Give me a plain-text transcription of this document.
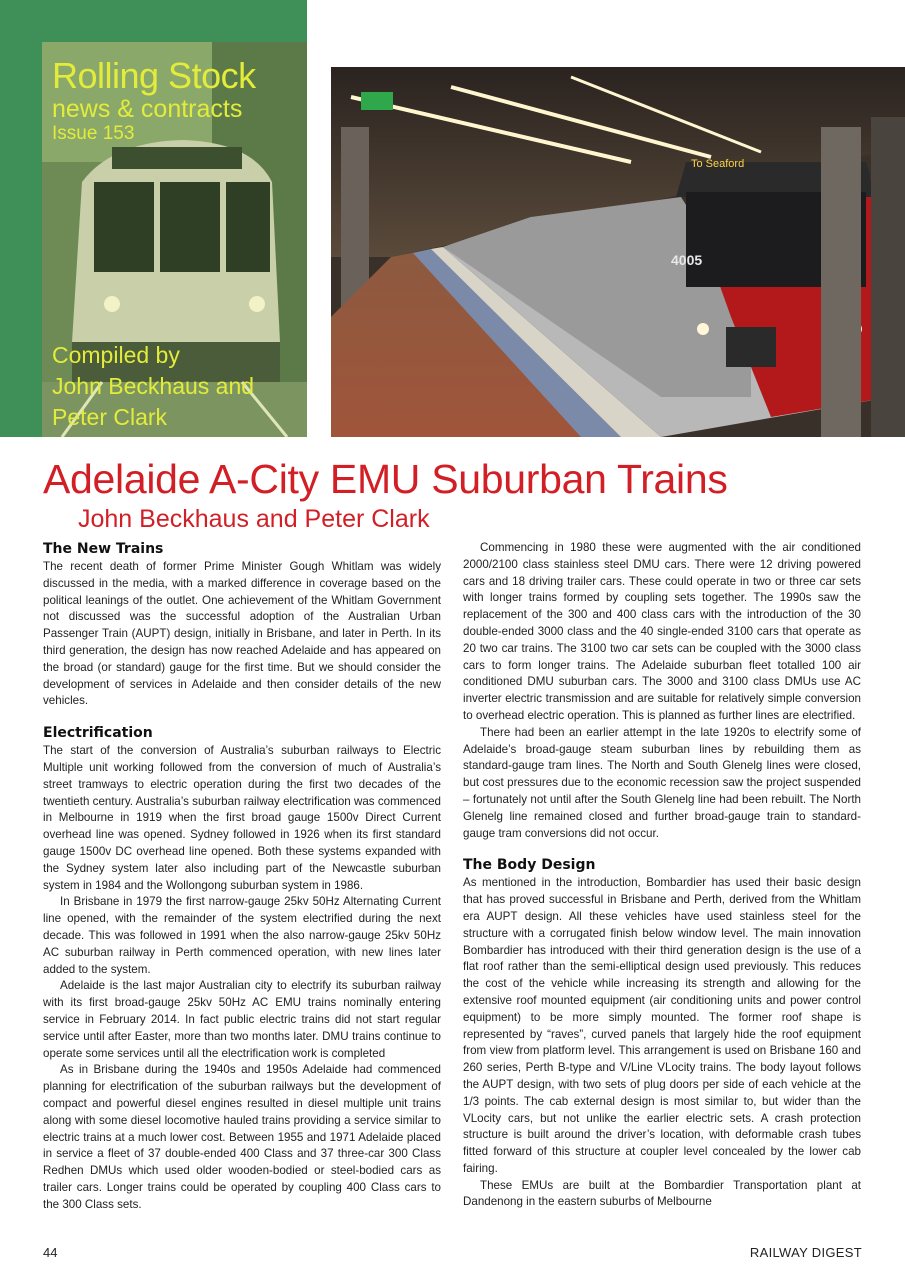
Rolling Stock
news & contracts
Issue 153
Compiled by
John Beckhaus and
Peter Clark
To Seaford
4005
Adelaide A-City EMU Suburban Trains
John Beckhaus and Peter Clark
The New Trains

The recent death of former Prime Minister Gough Whitlam was widely discussed in the media, with a marked difference in coverage based on the political leanings of the outlet. One achievement of the Whitlam Government not discussed was the successful adoption of the Australian Urban Passenger Train (AUPT) design, initially in Brisbane, and later in Perth. In its third generation, the design has now reached Adelaide and has appeared on the broad (or standard) gauge for the first time. But we should consider the development of services in Adelaide and then consider details of the new vehicles.

Electrification

The start of the conversion of Australia’s suburban railways to Electric Multiple unit working followed from the conversion of much of Australia’s street tramways to electric operation during the first two decades of the twentieth century. Australia’s suburban railway electrification was commenced in Melbourne in 1919 when the first broad gauge 1500v Direct Current overhead line was opened. Sydney followed in 1926 when its first standard gauge 1500v DC overhead line opened. Both these systems expanded with the Sydney system later also including part of the Newcastle suburban system in 1984 and the Wollongong suburban system in 1986.

In Brisbane in 1979 the first narrow-gauge 25kv 50Hz Alternating Current line opened, with the remainder of the system electrified during the next decade. This was followed in 1991 when the also narrow-gauge 25kv 50Hz AC suburban railway in Perth commenced operation, with new lines later added to the system.

Adelaide is the last major Australian city to electrify its suburban railway with its first broad-gauge 25kv 50Hz AC EMU trains nominally entering service in February 2014. In fact public electric trains did not start regular service until after Easter, more than two months later. DMU trains continue to operate some services until all the electrification work is completed

As in Brisbane during the 1940s and 1950s Adelaide had commenced planning for electrification of the suburban railways but the development of compact and powerful diesel engines resulted in diesel multiple unit trains along with some diesel locomotive hauled trains providing a service similar to electric trains at a much lower cost. Between 1955 and 1971 Adelaide placed in service a fleet of 37 double-ended 400 Class and 37 three-car 300 Class Redhen DMUs which used older wooden-bodied or steel-bodied cars as trailer cars. Longer trains could be operated by coupling 400 Class cars to the 300 Class sets.

Commencing in 1980 these were augmented with the air conditioned 2000/2100 class stainless steel DMU cars. There were 12 driving powered cars and 18 driving trailer cars. These could operate in two or three car sets with longer trains formed by coupling sets together. The 1990s saw the replacement of the 300 and 400 class cars with the introduction of the 30 double-ended 3000 class and the 40 single-ended 3100 cars that operate as 20 two car trains. The 3100 two car sets can be coupled with the 3000 class cars to form longer trains. The Adelaide suburban fleet totalled 100 air conditioned DMU suburban cars. The 3000 and 3100 class DMUs use AC inverter electric transmission and are suitable for relatively simple conversion to overhead electric operation. This is planned as further lines are electrified.

There had been an earlier attempt in the late 1920s to electrify some of Adelaide’s broad-gauge steam suburban lines by rebuilding them as standard-gauge tram lines. The North and South Glenelg lines were closed, but cost pressures due to the economic recession saw the project suspended – fortunately not until after the South Glenelg line had been rebuilt. The North Glenelg line remained closed and further broad-gauge train to standard-gauge tram conversions did not occur.

The Body Design

As mentioned in the introduction, Bombardier has used their basic design that has proved successful in Brisbane and Perth, derived from the Whitlam era AUPT design. All these vehicles have used stainless steel for the structure with a corrugated finish below window level. The main innovation Bombardier has introduced with their third generation design is the use of a flat roof rather than the semi-elliptical design used previously. This reduces the cost of the vehicle while increasing its strength and allowing for the extensive roof mounted equipment (air conditioning units and power control equipment) to be more simply mounted. The former roof shape is represented by “raves”, curved panels that largely hide the roof equipment from view from platform level. This arrangement is used on Brisbane 160 and 260 series, Perth B-type and V/Line VLocity trains. The body layout follows the AUPT design, with two sets of plug doors per side of each vehicle at the 1/3 points. The cab external design is most similar to, but wider than the VLocity cars, but not unlike the earlier electric sets. A crash protection structure is built around the driver’s location, with deformable crash tubes fitted forward of this structure at coupler level concealed by the lower cab fairing.

These EMUs are built at the Bombardier Transportation plant at Dandenong in the eastern suburbs of Melbourne

44	RAILWAY DIGEST
